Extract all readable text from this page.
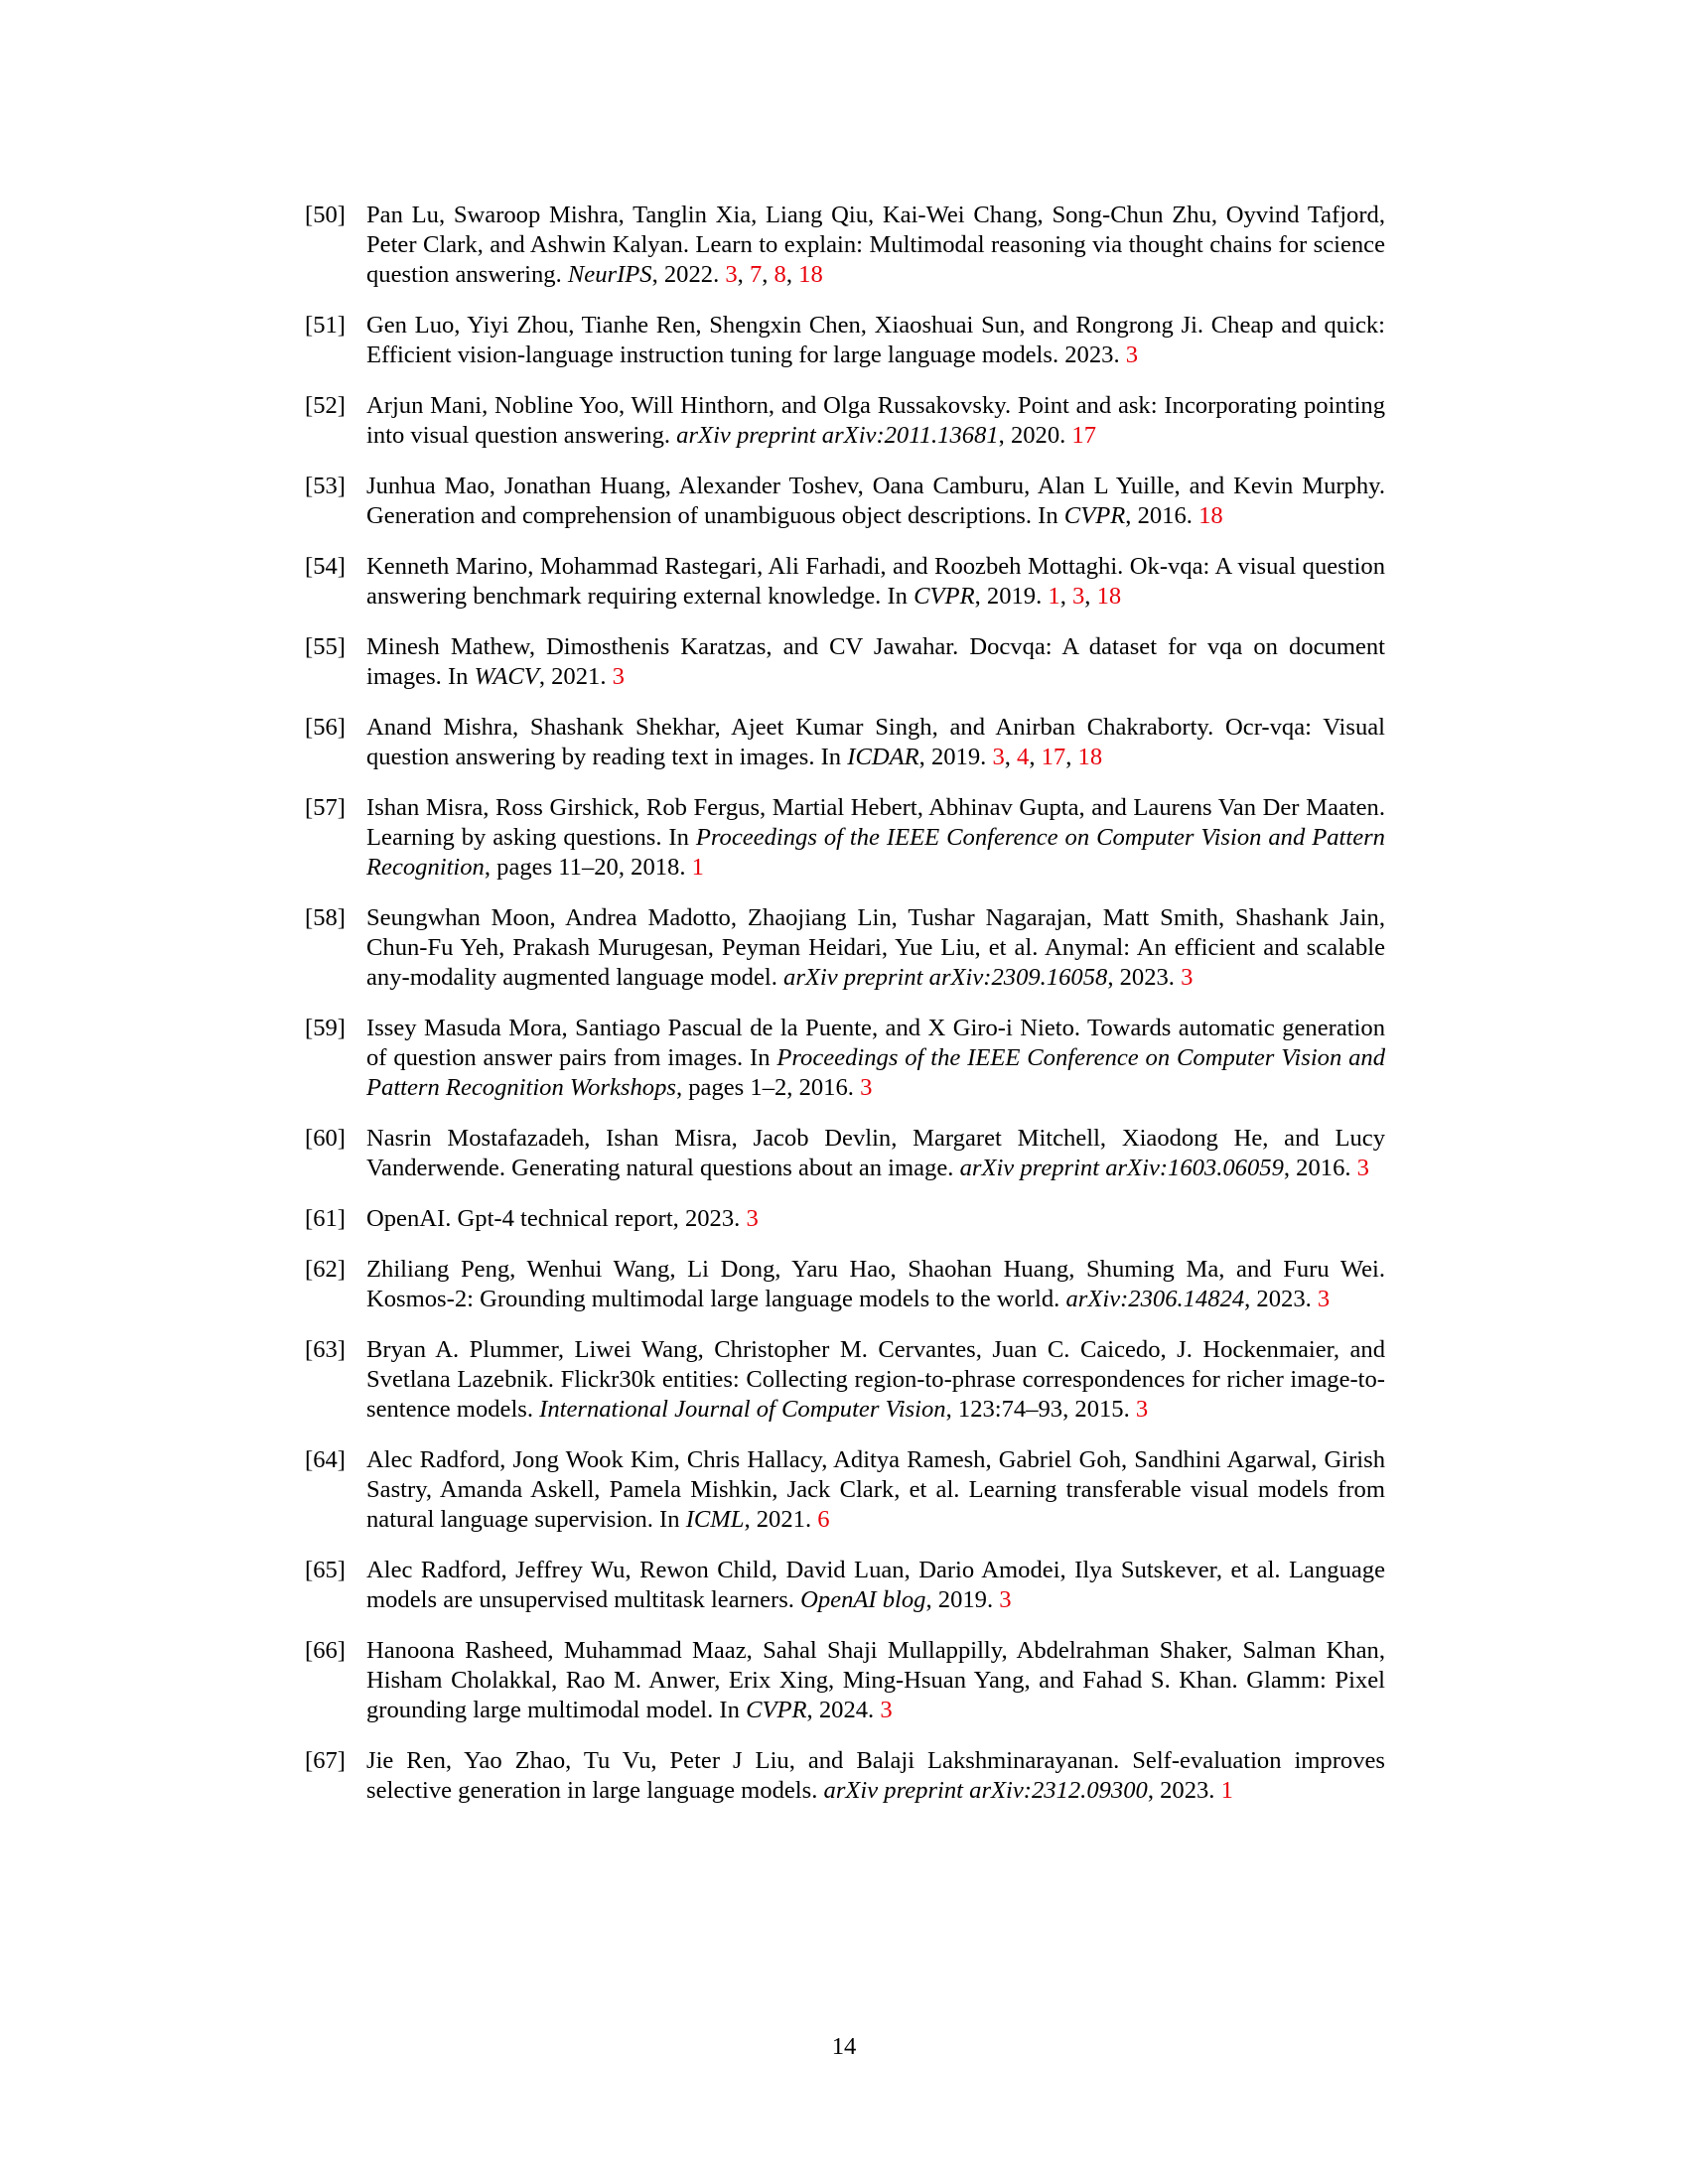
[50] Pan Lu, Swaroop Mishra, Tanglin Xia, Liang Qiu, Kai-Wei Chang, Song-Chun Zhu, Oyvind Tafjord, Peter Clark, and Ashwin Kalyan. Learn to explain: Multimodal reasoning via thought chains for science question answering. NeurIPS, 2022. 3, 7, 8, 18
[51] Gen Luo, Yiyi Zhou, Tianhe Ren, Shengxin Chen, Xiaoshuai Sun, and Rongrong Ji. Cheap and quick: Efficient vision-language instruction tuning for large language models. 2023. 3
[52] Arjun Mani, Nobline Yoo, Will Hinthorn, and Olga Russakovsky. Point and ask: Incorporating pointing into visual question answering. arXiv preprint arXiv:2011.13681, 2020. 17
[53] Junhua Mao, Jonathan Huang, Alexander Toshev, Oana Camburu, Alan L Yuille, and Kevin Murphy. Generation and comprehension of unambiguous object descriptions. In CVPR, 2016. 18
[54] Kenneth Marino, Mohammad Rastegari, Ali Farhadi, and Roozbeh Mottaghi. Ok-vqa: A visual question answering benchmark requiring external knowledge. In CVPR, 2019. 1, 3, 18
[55] Minesh Mathew, Dimosthenis Karatzas, and CV Jawahar. Docvqa: A dataset for vqa on document images. In WACV, 2021. 3
[56] Anand Mishra, Shashank Shekhar, Ajeet Kumar Singh, and Anirban Chakraborty. Ocr-vqa: Visual question answering by reading text in images. In ICDAR, 2019. 3, 4, 17, 18
[57] Ishan Misra, Ross Girshick, Rob Fergus, Martial Hebert, Abhinav Gupta, and Laurens Van Der Maaten. Learning by asking questions. In Proceedings of the IEEE Conference on Computer Vision and Pattern Recognition, pages 11–20, 2018. 1
[58] Seungwhan Moon, Andrea Madotto, Zhaojiang Lin, Tushar Nagarajan, Matt Smith, Shashank Jain, Chun-Fu Yeh, Prakash Murugesan, Peyman Heidari, Yue Liu, et al. Anymal: An efficient and scalable any-modality augmented language model. arXiv preprint arXiv:2309.16058, 2023. 3
[59] Issey Masuda Mora, Santiago Pascual de la Puente, and X Giro-i Nieto. Towards automatic generation of question answer pairs from images. In Proceedings of the IEEE Conference on Computer Vision and Pattern Recognition Workshops, pages 1–2, 2016. 3
[60] Nasrin Mostafazadeh, Ishan Misra, Jacob Devlin, Margaret Mitchell, Xiaodong He, and Lucy Vanderwende. Generating natural questions about an image. arXiv preprint arXiv:1603.06059, 2016. 3
[61] OpenAI. Gpt-4 technical report, 2023. 3
[62] Zhiliang Peng, Wenhui Wang, Li Dong, Yaru Hao, Shaohan Huang, Shuming Ma, and Furu Wei. Kosmos-2: Grounding multimodal large language models to the world. arXiv:2306.14824, 2023. 3
[63] Bryan A. Plummer, Liwei Wang, Christopher M. Cervantes, Juan C. Caicedo, J. Hockenmaier, and Svetlana Lazebnik. Flickr30k entities: Collecting region-to-phrase correspondences for richer image-to-sentence models. International Journal of Computer Vision, 123:74–93, 2015. 3
[64] Alec Radford, Jong Wook Kim, Chris Hallacy, Aditya Ramesh, Gabriel Goh, Sandhini Agarwal, Girish Sastry, Amanda Askell, Pamela Mishkin, Jack Clark, et al. Learning transferable visual models from natural language supervision. In ICML, 2021. 6
[65] Alec Radford, Jeffrey Wu, Rewon Child, David Luan, Dario Amodei, Ilya Sutskever, et al. Language models are unsupervised multitask learners. OpenAI blog, 2019. 3
[66] Hanoona Rasheed, Muhammad Maaz, Sahal Shaji Mullappilly, Abdelrahman Shaker, Salman Khan, Hisham Cholakkal, Rao M. Anwer, Erix Xing, Ming-Hsuan Yang, and Fahad S. Khan. Glamm: Pixel grounding large multimodal model. In CVPR, 2024. 3
[67] Jie Ren, Yao Zhao, Tu Vu, Peter J Liu, and Balaji Lakshminarayanan. Self-evaluation improves selective generation in large language models. arXiv preprint arXiv:2312.09300, 2023. 1
14
